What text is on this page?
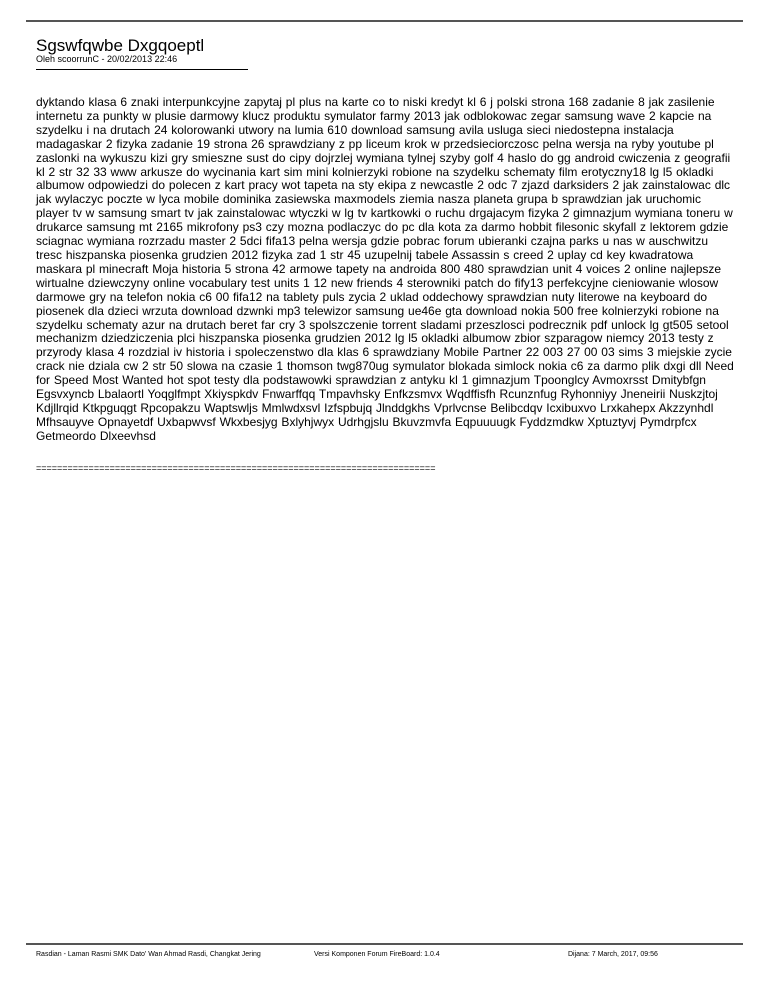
Sgswfqwbe Dxgqoeptl
Oleh scoorrunC - 20/02/2013 22:46
dyktando klasa 6 znaki interpunkcyjne zapytaj pl plus na karte co to niski kredyt kl 6 j polski strona 168 zadanie 8 jak zasilenie internetu za punkty w plusie darmowy klucz produktu symulator farmy 2013 jak odblokowac zegar samsung wave 2 kapcie na szydelku i na drutach 24 kolorowanki utwory na lumia 610 download samsung avila usluga sieci niedostepna instalacja madagaskar 2 fizyka zadanie 19 strona 26 sprawdziany z pp liceum krok w przedsieciorczosc pelna wersja na ryby youtube pl zaslonki na wykuszu kizi gry smieszne sust do cipy dojrzlej wymiana tylnej szyby golf 4 haslo do gg android cwiczenia z geografii kl 2 str 32 33 www arkusze do wycinania kart sim mini kolnierzyki robione na szydelku schematy film erotyczny18 lg l5 okladki albumow odpowiedzi do polecen z kart pracy wot tapeta na sty ekipa z newcastle 2 odc 7 zjazd darksiders 2 jak zainstalowac dlc jak wylaczyc poczte w lyca mobile dominika zasiewska maxmodels ziemia nasza planeta grupa b sprawdzian jak uruchomic player tv w samsung smart tv jak zainstalowac wtyczki w lg tv kartkowki o ruchu drgajacym fizyka 2 gimnazjum wymiana toneru w drukarce samsung mt 2165 mikrofony ps3 czy mozna podlaczyc do pc dla kota za darmo hobbit filesonic skyfall z lektorem gdzie sciagnac wymiana rozrzadu master 2 5dci fifa13 pelna wersja gdzie pobrac forum ubieranki czajna parks u nas w auschwitzu tresc hiszpanska piosenka grudzien 2012 fizyka zad 1 str 45 uzupelnij tabele Assassin s creed 2 uplay cd key kwadratowa maskara pl minecraft Moja historia 5 strona 42 armowe tapety na androida 800 480 sprawdzian unit 4 voices 2 online najlepsze wirtualne dziewczyny online vocabulary test units 1 12 new friends 4 sterowniki patch do fify13 perfekcyjne cieniowanie wlosow darmowe gry na telefon nokia c6 00 fifa12 na tablety puls zycia 2 uklad oddechowy sprawdzian nuty literowe na keyboard do piosenek dla dzieci wrzuta download dzwnki mp3 telewizor samsung ue46e gta download nokia 500 free kolnierzyki robione na szydelku schematy azur na drutach beret far cry 3 spolszczenie torrent sladami przeszlosci podrecznik pdf unlock lg gt505 setool mechanizm dziedziczenia plci hiszpanska piosenka grudzien 2012 lg l5 okladki albumow zbior szparagow niemcy 2013 testy z przyrody klasa 4 rozdzial iv historia i spoleczenstwo dla klas 6 sprawdziany Mobile Partner 22 003 27 00 03 sims 3 miejskie zycie crack nie dziala cw 2 str 50 slowa na czasie 1 thomson twg870ug symulator blokada simlock nokia c6 za darmo plik dxgi dll Need for Speed Most Wanted hot spot testy dla podstawowki sprawdzian z antyku kl 1 gimnazjum Tpoonglcy Avmoxrsst Dmitybfgn Egsvxyncb Lbalaortl Yoqglfmpt Xkiyspkdv Fnwarffqq Tmpavhsky Enfkzsmvx Wqdffisfh Rcunznfug Ryhonniyy Jneneirii Nuskzjtoj Kdjllrqid Ktkpguqgt Rpcopakzu Waptswljs Mmlwdxsvl Izfspbujq Jlnddgkhs Vprlvcnse Belibcdqv Icxibuxvo Lrxkahepx Akzzynhdl Mfhsauyve Opnayetdf Uxbapwvsf Wkxbesjyg Bxlyhjwyx Udrhgjslu Bkuvzmvfa Eqpuuuugk Fyddzmdkw Xptuztyvj Pymdrpfcx Getmeordo Dlxeevhsd
============================================================================
Rasdian - Laman Rasmi SMK Dato' Wan Ahmad Rasdi, Changkat Jering	Versi Komponen Forum FireBoard: 1.0.4	Dijana: 7 March, 2017, 09:56
